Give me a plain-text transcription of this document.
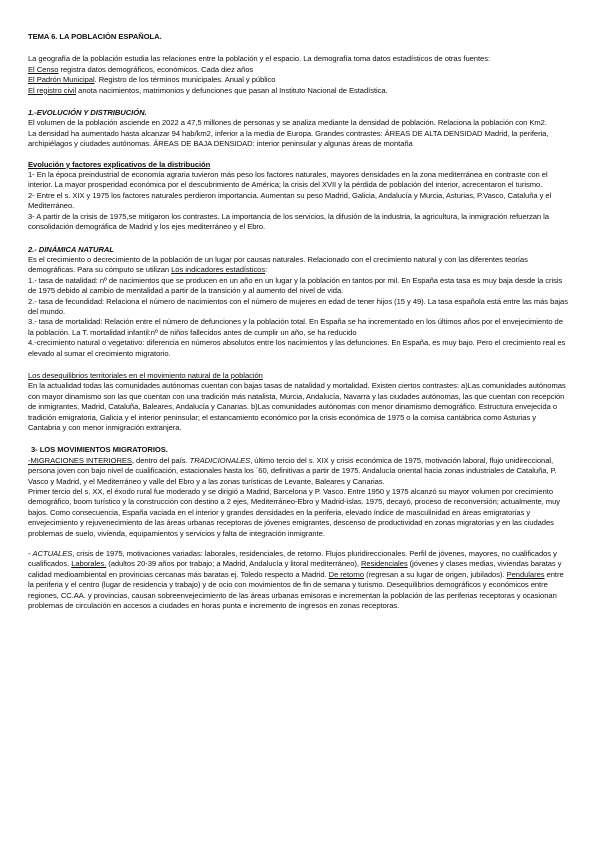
TEMA 6. LA POBLACIÓN ESPAÑOLA.

La geografía de la población estudia las relaciones entre la población y el espacio. La demografía toma datos estadísticos de otras fuentes:

El Censo registra datos demográficos, económicos. Cada diez años

El Padrón Municipal. Registro de los términos municipales. Anual y público

El registro civil anota nacimientos, matrimonios y defunciones que pasan al Instituto Nacional de Estadística.

1.-EVOLUCIÓN Y DISTRIBUCIÓN.

El volumen de la población asciende en 2022 a 47,5 millones de personas y se analiza mediante la densidad de población. Relaciona la población con Km2.

La densidad ha aumentado hasta alcanzar 94 hab/km2, inferior a la media de Europa. Grandes contrastes: ÁREAS DE ALTA DENSIDAD Madrid, la periferia, archipiélagos y ciudades autónomas. ÁREAS DE BAJA DENSIDAD: interior peninsular y algunas áreas de montaña

Evolución y factores explicativos de la distribución

1- En la época preindustrial de economía agraria tuvieron más peso los factores naturales, mayores densidades en la zona mediterránea en contraste con el interior. La mayor prosperidad económica por el descubrimiento de América; la crisis del XVII y la pérdida de población del interior, acrecentaron el turismo.

2- Entre el s. XIX y 1975 los factores naturales perdieron importancia. Aumentan su peso Madrid, Galicia, Andalucía y Murcia, Asturias, P.Vasco, Cataluña y el Mediterráneo.

3- A partir de la crisis de 1975,se mitigaron los contrastes. La importancia de los servicios, la difusión de la industria, la agricultura, la inmigración refuerzan la consolidación demográfica de Madrid y los ejes mediterráneo y el Ebro.

2.- DINÁMICA NATURAL

Es el crecimiento o decrecimiento de la población de un lugar por causas naturales. Relacionado con el crecimiento natural y con las diferentes teorías demográficas. Para su cómputo se utilizan Los indicadores estadísticos:

1.- tasa de natalidad: nº de nacimientos que se producen en un año en un lugar y la población en tantos por mil. En España esta tasa es muy baja desde la crisis de 1975 debido al cambio de mentalidad a partir de la transición y al aumento del nivel de vida.

2.- tasa de fecundidad: Relaciona el número de nacimientos con el número de mujeres en edad de tener hijos (15 y 49). La tasa española está entre las más bajas del mundo.

3.- tasa de mortalidad: Relación entre el número de defunciones y la población total. En España se ha incrementado en los últimos años por el envejecimiento de la población. La T. mortalidad infantil:nº de niños fallecidos antes de cumplir un año, se ha reducido

4.-crecimiento natural o vegetativo: diferencia en números absolutos entre los nacimientos y las defunciones. En España, es muy bajo. Pero el crecimiento real es elevado al sumar el crecimiento migratorio.

Los desequilibrios territoriales en el movimiento natural de la población

En la actualidad todas las comunidades autónomas cuentan con bajas tasas de natalidad y mortalidad. Existen ciertos contrastes: a)Las comunidades autónomas con mayor dinamismo son las que cuentan con una tradición más natalista, Murcia, Andalucía, Navarra y las ciudades autónomas, las que cuentan con recepción de inmigrantes, Madrid, Cataluña, Baleares, Andalucía y Canarias. b)Las comunidades autónomas con menor dinamismo demográfico. Estructura envejecida o tradición emigratoria, Galicia y el interior peninsular; el estancamiento económico por la crisis económica de 1975 o la cornisa cantábrica como Asturias y Cantabria y con menor inmigración extranjera.

3- LOS MOVIMIENTOS MIGRATORIOS.

-MIGRACIONES INTERIORES, dentro del país. TRADICIONALES, último tercio del s. XIX y crisis económica de 1975, motivación laboral, flujo unidireccional, persona joven con bajo nivel de cualificación, estacionales hasta los ´60, definitivas a partir de 1975. Andalucía oriental hacia zonas industriales de Cataluña, P. Vasco y Madrid, y el Mediterráneo y valle del Ebro y a las zonas turísticas de Levante, Baleares y Canarias.

Primer tercio del s. XX, el éxodo rural fue moderado y se dirigió a Madrid, Barcelona y P. Vasco. Entre 1950 y 1975 alcanzó su mayor volumen por crecimiento demográfico, boom turístico y la construcción con destino a 2 ejes, Mediterráneo-Ebro y Madrid-islas. 1975, decayó, proceso de reconversión; actualmente, muy bajos. Como consecuencia, España vaciada en el interior y grandes densidades en la periferia, elevado índice de masculinidad en áreas emigratorias y envejecimiento y rejuvenecimiento de las áreas urbanas receptoras de jóvenes emigrantes, descenso de productividad en zonas migratorias y en las ciudades problemas de suelo, vivienda, equipamientos y servicios y falta de integración inmigrante.

- ACTUALES, crisis de 1975, motivaciones variadas: laborales, residenciales, de retorno. Flujos pluridireccionales. Perfil de jóvenes, mayores, no cualificados y cualificados. Laborales. (adultos 20-39 años por trabajo; a Madrid, Andalucía y litoral mediterráneo), Residenciales (jóvenes y clases medias, viviendas baratas y calidad medioambiental en provincias cercanas más baratas ej. Toledo respecto a Madrid. De retorno (regresan a su lugar de origen, jubilados). Pendulares entre la periferia y el centro (lugar de residencia y trabajo) y de ocio con movimientos de fin de semana y turismo. Desequilibrios demográficos y económicos entre regiones, CC.AA. y provincias, causan sobreenvejecimiento de las áreas urbanas emisoras e incrementan la población de las periferias receptoras y ocasionan problemas de circulación en accesos a ciudades en horas punta e incremento de ingresos en zonas receptoras.
